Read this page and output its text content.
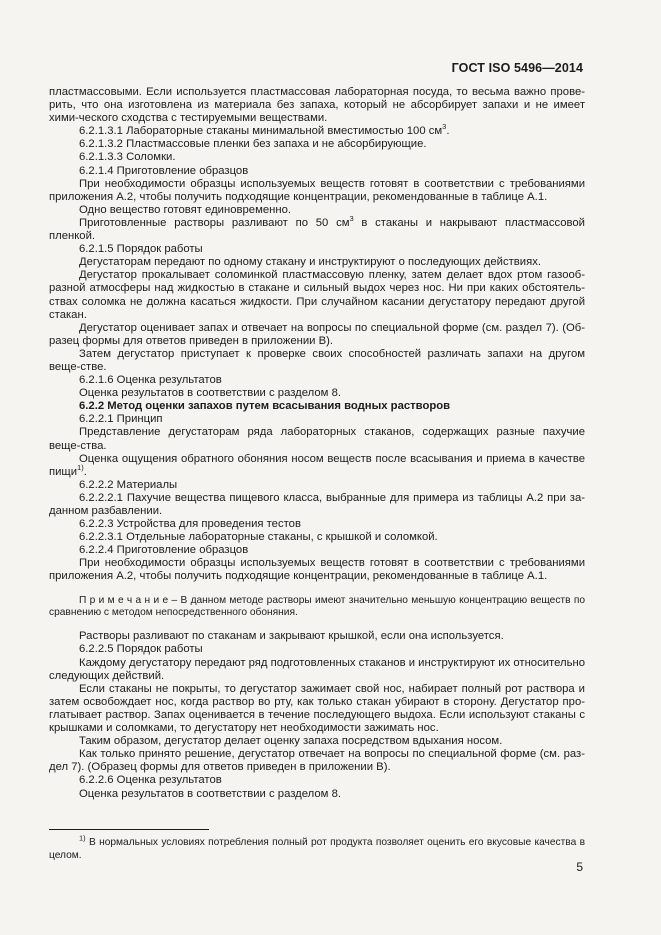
ГОСТ ISO 5496—2014

пластмассовыми. Если используется пластмассовая лабораторная посуда, то весьма важно прове-рить, что она изготовлена из материала без запаха, который не абсорбирует запахи и не имеет хими-ческого сходства с тестируемыми веществами.

6.2.1.3.1 Лабораторные стаканы минимальной вместимостью 100 $см^3$.

6.2.1.3.2 Пластмассовые пленки без запаха и не абсорбирующие.

6.2.1.3.3 Соломки.

6.2.1.4 Приготовление образцов

При необходимости образцы используемых веществ готовят в соответствии с требованиями приложения А.2, чтобы получить подходящие концентрации, рекомендованные в таблице А.1.

Одно вещество готовят единовременно.

Приготовленные растворы разливают по 50 $см^3$ в стаканы и накрывают пластмассовой пленкой.

6.2.1.5 Порядок работы

Дегустаторам передают по одному стакану и инструктируют о последующих действиях.

Дегустатор прокалывает соломинкой пластмассовую пленку, затем делает вдох ртом газооб-разной атмосферы над жидкостью в стакане и сильный выдох через нос. Ни при каких обстоятель-ствах соломка не должна касаться жидкости. При случайном касании дегустатору передают другой стакан.

Дегустатор оценивает запах и отвечает на вопросы по специальной форме (см. раздел 7). (Об-разец формы для ответов приведен в приложении В).

Затем дегустатор приступает к проверке своих способностей различать запахи на другом веще-стве.

6.2.1.6 Оценка результатов

Оценка результатов в соответствии с разделом 8.

6.2.2 Метод оценки запахов путем всасывания водных растворов

6.2.2.1 Принцип

Представление дегустаторам ряда лабораторных стаканов, содержащих разные пахучие веще-ства.

Оценка ощущения обратного обоняния носом веществ после всасывания и приема в качестве пищи$^{1)}$.

6.2.2.2 Материалы

6.2.2.2.1 Пахучие вещества пищевого класса, выбранные для примера из таблицы А.2 при за-данном разбавлении.

6.2.2.3 Устройства для проведения тестов

6.2.2.3.1 Отдельные лабораторные стаканы, с крышкой и соломкой.

6.2.2.4 Приготовление образцов

При необходимости образцы используемых веществ готовят в соответствии с требованиями приложения А.2, чтобы получить подходящие концентрации, рекомендованные в таблице А.1.

П р и м е ч а н и е – В данном методе растворы имеют значительно меньшую концентрацию веществ по сравнению с методом непосредственного обоняния.

Растворы разливают по стаканам и закрывают крышкой, если она используется.

6.2.2.5 Порядок работы

Каждому дегустатору передают ряд подготовленных стаканов и инструктируют их относительно следующих действий.

Если стаканы не покрыты, то дегустатор зажимает свой нос, набирает полный рот раствора и затем освобождает нос, когда раствор во рту, как только стакан убирают в сторону. Дегустатор про-глатывает раствор. Запах оценивается в течение последующего выдоха. Если используют стаканы с крышками и соломками, то дегустатору нет необходимости зажимать нос.

Таким образом, дегустатор делает оценку запаха посредством вдыхания носом.

Как только принято решение, дегустатор отвечает на вопросы по специальной форме (см. раз-дел 7). (Образец формы для ответов приведен в приложении В).

6.2.2.6 Оценка результатов

Оценка результатов в соответствии с разделом 8.

$^{1)}$ В нормальных условиях потребления полный рот продукта позволяет оценить его вкусовые качества в целом.
5
